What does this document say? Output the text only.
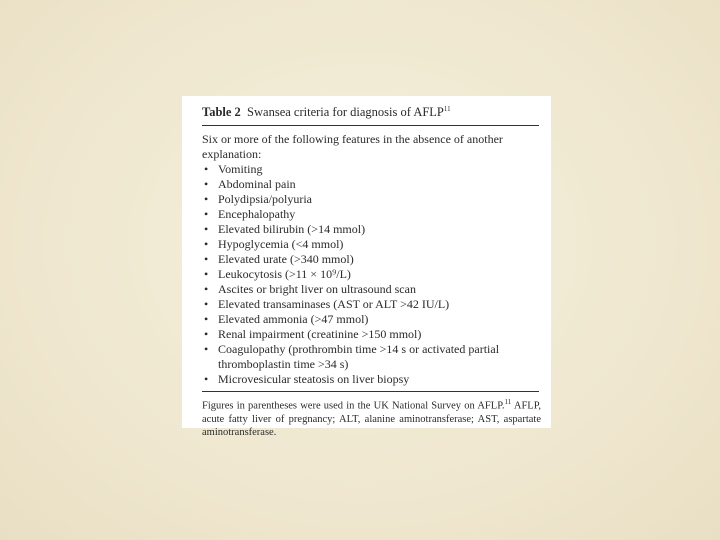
Table 2 Swansea criteria for diagnosis of AFLP$^{11}$
Six or more of the following features in the absence of another explanation:
• Vomiting
• Abdominal pain
• Polydipsia/polyuria
• Encephalopathy
• Elevated bilirubin (>14 mmol)
• Hypoglycemia (<4 mmol)
• Elevated urate (>340 mmol)
• Leukocytosis (>11 × 10⁹/L)
• Ascites or bright liver on ultrasound scan
• Elevated transaminases (AST or ALT >42 IU/L)
• Elevated ammonia (>47 mmol)
• Renal impairment (creatinine >150 mmol)
• Coagulopathy (prothrombin time >14 s or activated partial thromboplastin time >34 s)
• Microvesicular steatosis on liver biopsy
Figures in parentheses were used in the UK National Survey on AFLP.$^{11}$ AFLP, acute fatty liver of pregnancy; ALT, alanine aminotransferase; AST, aspartate aminotransferase.
